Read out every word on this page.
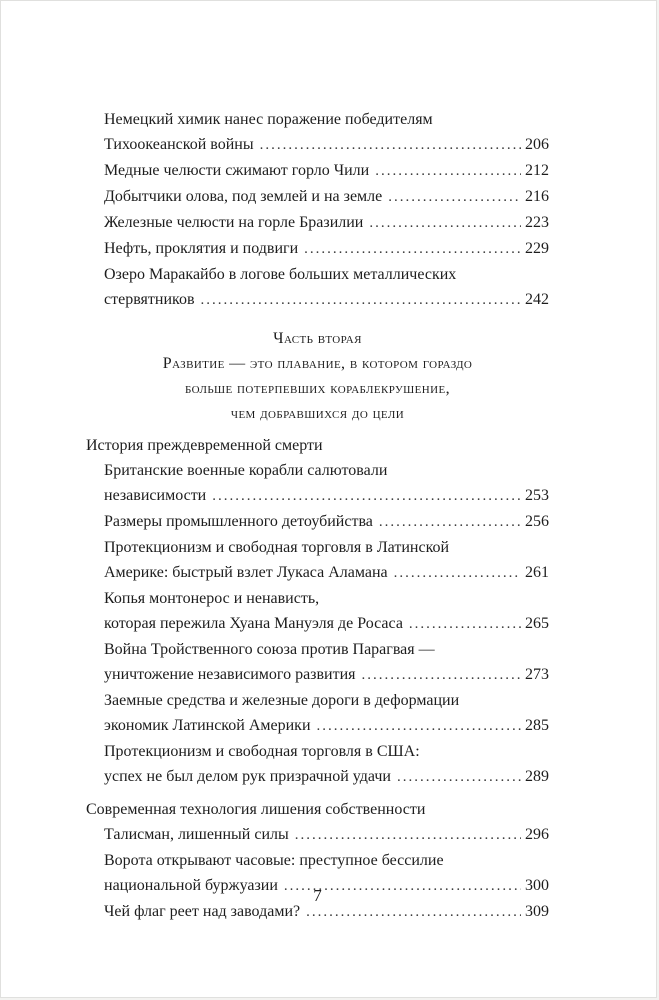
Немецкий химик нанес поражение победителям
Тихоокеанской войны .....	206
Медные челюсти сжимают горло Чили .....	212
Добытчики олова, под землей и на земле .....	216
Железные челюсти на горле Бразилии .....	223
Нефть, проклятия и подвиги .....	229
Озеро Маракайбо в логове больших металлических
стервятников .....	242
Часть вторая
Развитие — это плавание, в котором гораздо
больше потерпевших кораблекрушение,
чем добравшихся до цели
История преждевременной смерти
Британские военные корабли салютовали
независимости .....	253
Размеры промышленного детоубийства .....	256
Протекционизм и свободная торговля в Латинской
Америке: быстрый взлет Лукаса Аламана .....	261
Копья монтонерос и ненависть,
которая пережила Хуана Мануэля де Росаса .....	265
Война Тройственного союза против Парагвая —
уничтожение независимого развития .....	273
Заемные средства и железные дороги в деформации
экономик Латинской Америки .....	285
Протекционизм и свободная торговля в США:
успех не был делом рук призрачной удачи .....	289
Современная технология лишения собственности
Талисман, лишенный силы .....	296
Ворота открывают часовые: преступное бессилие
национальной буржуазии .....	300
Чей флаг реет над заводами? .....	309
7
